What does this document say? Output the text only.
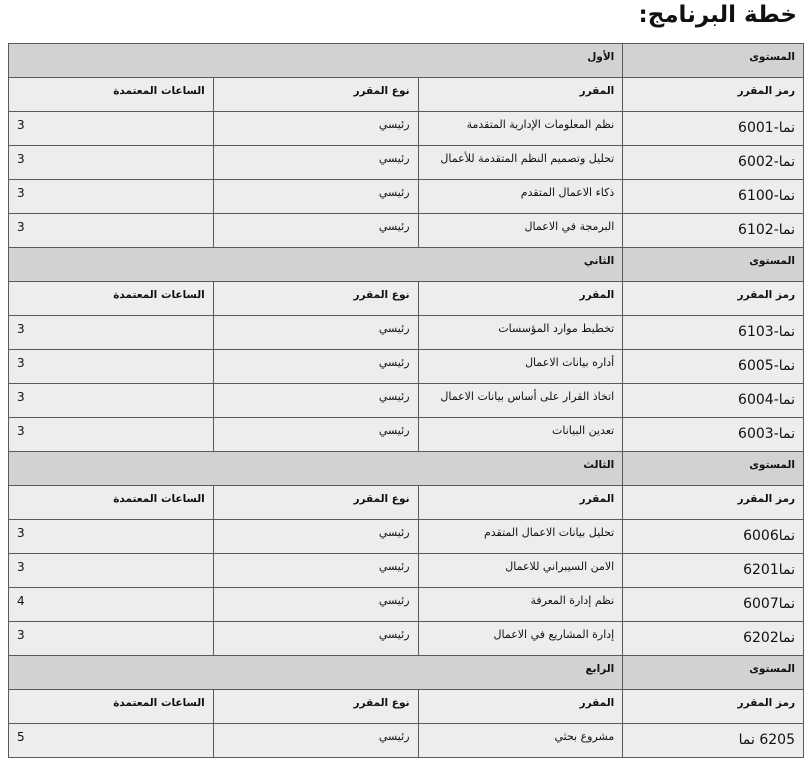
خطة البرنامج:
المستوى	الأول		

رمز المقرر	المقرر	نوع المقرر	الساعات المعتمدة

نما-6001	نظم المعلومات الإدارية المتقدمة	رئيسي	3

نما-6002	تحليل وتصميم النظم المتقدمة للأعمال	رئيسي	3

نما-6100	ذكاء الاعمال المتقدم	رئيسي	3

نما-6102	البرمجة في الاعمال	رئيسي	3

المستوى	الثاني		

رمز المقرر	المقرر	نوع المقرر	الساعات المعتمدة

نما-6103	تخطيط موارد المؤسسات	رئيسي	3

نما-6005	أداره بيانات الاعمال	رئيسي	3

نما-6004	اتخاذ القرار على أساس بيانات الاعمال	رئيسي	3

نما-6003	تعدين البيانات	رئيسي	3

المستوى	الثالث		

رمز المقرر	المقرر	نوع المقرر	الساعات المعتمدة

نما6006	تحليل بيانات الاعمال المتقدم	رئيسي	3

نما6201	الامن السيبراني للاعمال	رئيسي	3

نما6007	نظم إدارة المعرفة	رئيسي	4

نما6202	إدارة المشاريع في الاعمال	رئيسي	3

المستوى	الرابع		

رمز المقرر	المقرر	نوع المقرر	الساعات المعتمدة

6205 نما	مشروع بحثي	رئيسي	5
